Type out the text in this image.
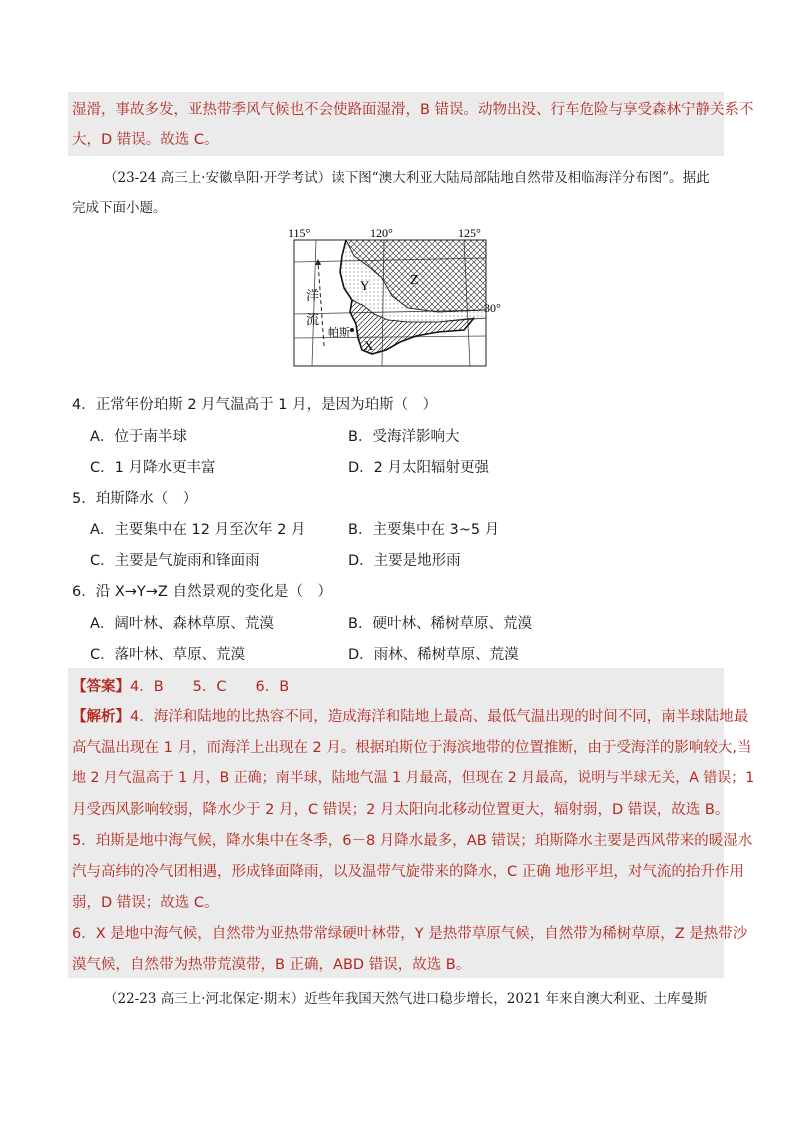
湿滑，事故多发，亚热带季风气候也不会使路面湿滑，B 错误。动物出没、行车危险与享受森林宁静关系不
大，D 错误。故选 C。
（23-24 高三上·安徽阜阳·开学考试）读下图“澳大利亚大陆局部陆地自然带及相临海洋分布图”。据此
完成下面小题。
115°	120°	125°
30°
洋
流
帕斯
X
Y	Z
4．正常年份珀斯 2 月气温高于 1 月，是因为珀斯（　）
A．位于南半球	B．受海洋影响大
C．1 月降水更丰富	D．2 月太阳辐射更强
5．珀斯降水（　）
A．主要集中在 12 月至次年 2 月	B．主要集中在 3~5 月
C．主要是气旋雨和锋面雨	D．主要是地形雨
6．沿 X→Y→Z 自然景观的变化是（　）
A．阔叶林、森林草原、荒漠	B．硬叶林、稀树草原、荒漠
C．落叶林、草原、荒漠	D．雨林、稀树草原、荒漠
【答案】4．B　　5．C　　6．B
【解析】4．海洋和陆地的比热容不同，造成海洋和陆地上最高、最低气温出现的时间不同，南半球陆地最
高气温出现在 1 月，而海洋上出现在 2 月。根据珀斯位于海滨地带的位置推断，由于受海洋的影响较大,当
地 2 月气温高于 1 月，B 正确；南半球，陆地气温 1 月最高，但现在 2 月最高，说明与半球无关，A 错误；1
月受西风影响较弱，降水少于 2 月，C 错误；2 月太阳向北移动位置更大，辐射弱，D 错误，故选 B。
5．珀斯是地中海气候，降水集中在冬季，6－8 月降水最多，AB 错误；珀斯降水主要是西风带来的暖湿水
汽与高纬的冷气团相遇，形成锋面降雨，以及温带气旋带来的降水，C 正确 地形平坦，对气流的抬升作用
弱，D 错误；故选 C。
6．X 是地中海气候，自然带为亚热带常绿硬叶林带，Y 是热带草原气候，自然带为稀树草原，Z 是热带沙
漠气候，自然带为热带荒漠带，B 正确，ABD 错误，故选 B。
（22-23 高三上·河北保定·期末）近些年我国天然气进口稳步增长，2021 年来自澳大利亚、土库曼斯
